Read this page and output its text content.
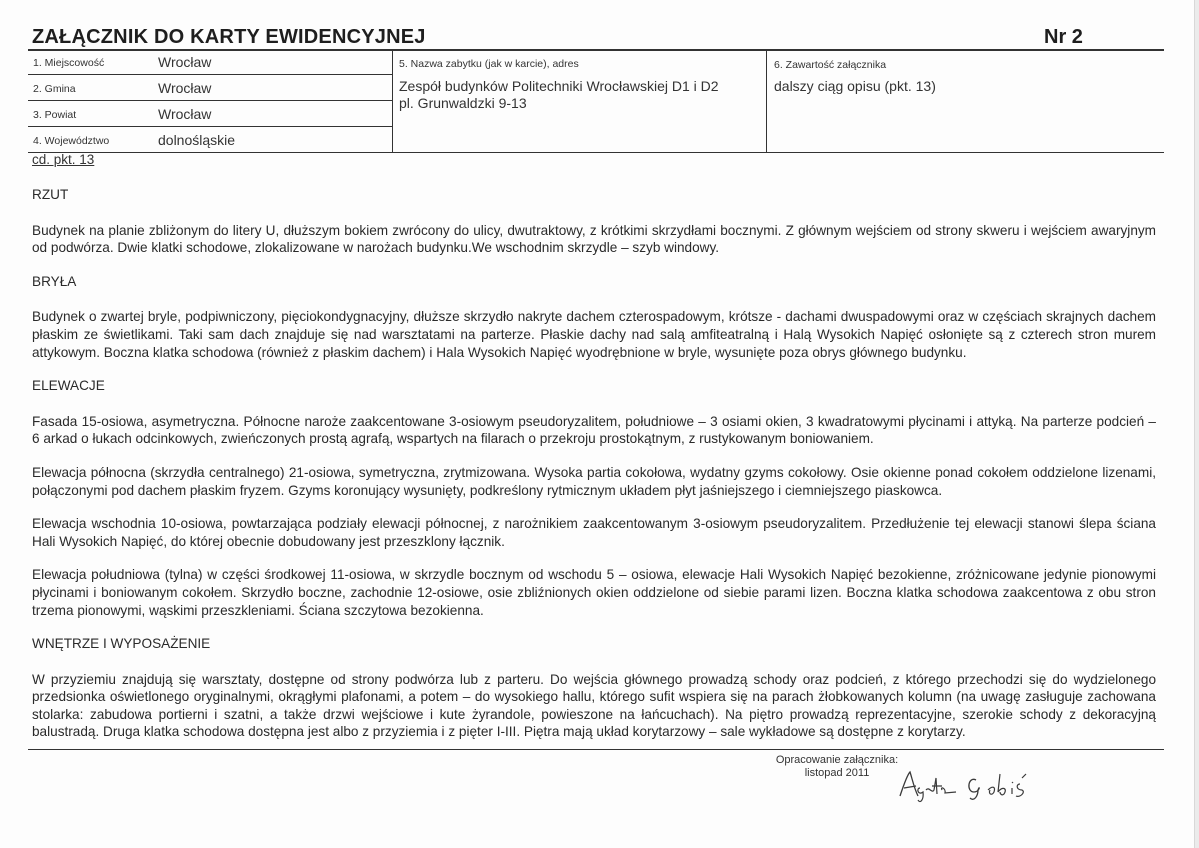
ZAŁĄCZNIK DO KARTY EWIDENCYJNEJ	Nr 2
1. Miejscowość	Wrocław
2. Gmina	Wrocław
3. Powiat	Wrocław
4. Województwo	dolnośląskie
5. Nazwa zabytku (jak w karcie), adres
Zespół budynków Politechniki Wrocławskiej D1 i D2
pl. Grunwaldzki 9-13
6. Zawartość załącznika
dalszy ciąg opisu (pkt. 13)
cd. pkt. 13
RZUT

Budynek na planie zbliżonym do litery U, dłuższym bokiem zwrócony do ulicy, dwutraktowy, z krótkimi skrzydłami bocznymi. Z głównym wejściem od strony skweru i wejściem awaryjnym od podwórza. Dwie klatki schodowe, zlokalizowane w narożach budynku.We wschodnim skrzydle – szyb windowy.

BRYŁA

Budynek o zwartej bryle, podpiwniczony, pięciokondygnacyjny, dłuższe skrzydło nakryte dachem czterospadowym, krótsze - dachami dwuspadowymi oraz w częściach skrajnych dachem płaskim ze świetlikami. Taki sam dach znajduje się nad warsztatami na parterze. Płaskie dachy nad salą amfiteatralną i Halą Wysokich Napięć osłonięte są z czterech stron murem attykowym. Boczna klatka schodowa (również z płaskim dachem) i Hala Wysokich Napięć wyodrębnione w bryle, wysunięte poza obrys głównego budynku.

ELEWACJE

Fasada 15-osiowa, asymetryczna. Północne naroże zaakcentowane 3-osiowym pseudoryzalitem, południowe – 3 osiami okien, 3 kwadratowymi płycinami i attyką. Na parterze podcień – 6 arkad o łukach odcinkowych, zwieńczonych prostą agrafą, wspartych na filarach o przekroju prostokątnym, z rustykowanym boniowaniem.

Elewacja północna (skrzydła centralnego) 21-osiowa, symetryczna, zrytmizowana. Wysoka partia cokołowa, wydatny gzyms cokołowy. Osie okienne ponad cokołem oddzielone lizenami, połączonymi pod dachem płaskim fryzem. Gzyms koronujący wysunięty, podkreślony rytmicznym układem płyt jaśniejszego i ciemniejszego piaskowca.

Elewacja wschodnia 10-osiowa, powtarzająca podziały elewacji północnej, z narożnikiem zaakcentowanym 3-osiowym pseudoryzalitem. Przedłużenie tej elewacji stanowi ślepa ściana Hali Wysokich Napięć, do której obecnie dobudowany jest przeszklony łącznik.

Elewacja południowa (tylna) w części środkowej 11-osiowa, w skrzydle bocznym od wschodu 5 – osiowa, elewacje Hali Wysokich Napięć bezokienne, zróżnicowane jedynie pionowymi płycinami i boniowanym cokołem. Skrzydło boczne, zachodnie 12-osiowe, osie zbliźnionych okien oddzielone od siebie parami lizen. Boczna klatka schodowa zaakcentowa z obu stron trzema pionowymi, wąskimi przeszkleniami. Ściana szczytowa bezokienna.

WNĘTRZE I WYPOSAŻENIE

W przyziemiu znajdują się warsztaty, dostępne od strony podwórza lub z parteru. Do wejścia głównego prowadzą schody oraz podcień, z którego przechodzi się do wydzielonego przedsionka oświetlonego oryginalnymi, okrągłymi plafonami, a potem – do wysokiego hallu, którego sufit wspiera się na parach żłobkowanych kolumn (na uwagę zasługuje zachowana stolarka: zabudowa portierni i szatni, a także drzwi wejściowe i kute żyrandole, powieszone na łańcuchach). Na piętro prowadzą reprezentacyjne, szerokie schody z dekoracyjną balustradą. Druga klatka schodowa dostępna jest albo z przyziemia i z pięter I-III. Piętra mają układ korytarzowy – sale wykładowe są dostępne z korytarzy.

Opracowanie załącznika:
listopad 2011
